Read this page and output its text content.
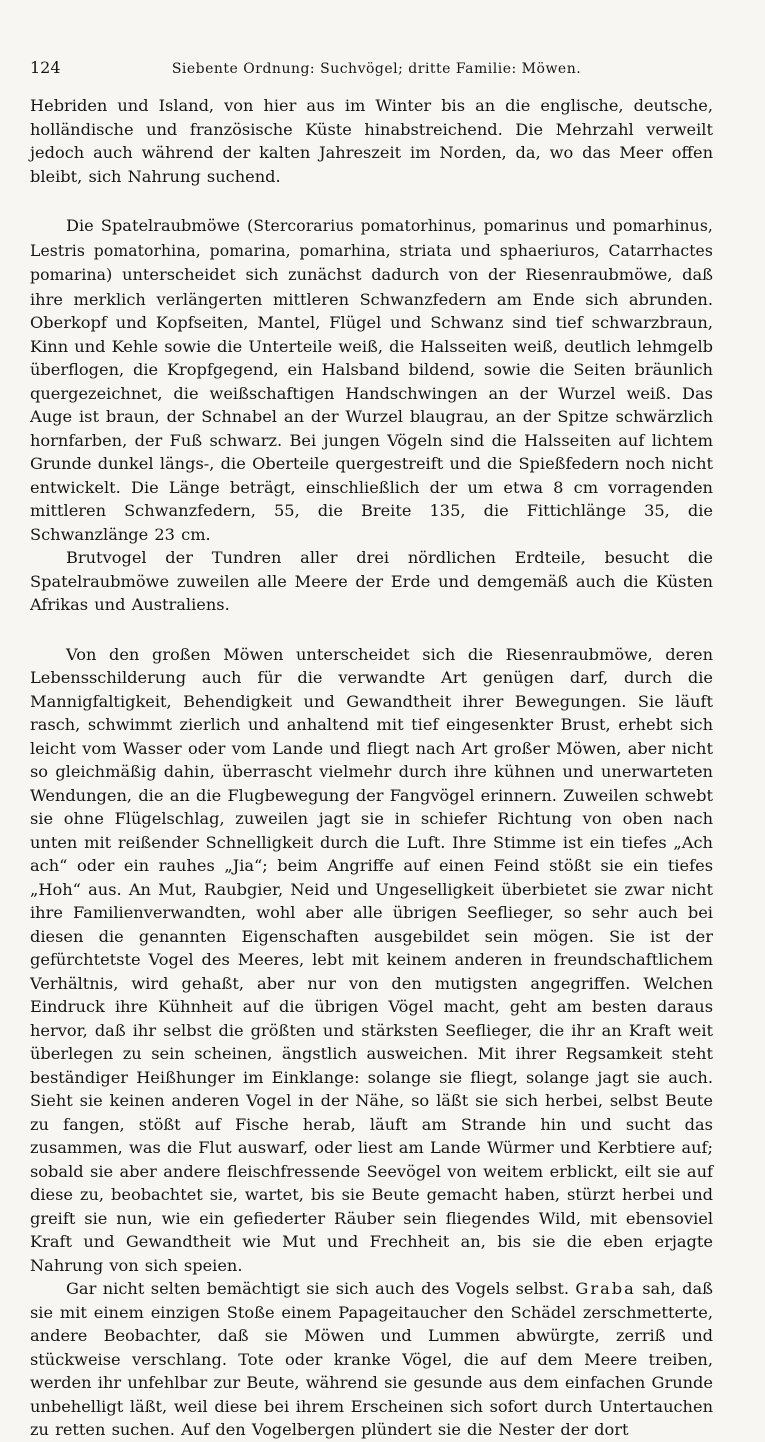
124	Siebente Ordnung: Suchvögel; dritte Familie: Möwen.

Hebriden und Island, von hier aus im Winter bis an die englische, deutsche, holländische und französische Küste hinabstreichend. Die Mehrzahl verweilt jedoch auch während der kalten Jahreszeit im Norden, da, wo das Meer offen bleibt, sich Nahrung suchend.

Die Spatelraubmöwe (Stercorarius pomatorhinus, pomarinus und pomarhinus, Lestris pomatorhina, pomarina, pomarhina, striata und sphaeriuros, Catarrhactes pomarina) unterscheidet sich zunächst dadurch von der Riesenraubmöwe, daß ihre merklich verlängerten mittleren Schwanzfedern am Ende sich abrunden. Oberkopf und Kopfseiten, Mantel, Flügel und Schwanz sind tief schwarzbraun, Kinn und Kehle sowie die Unterteile weiß, die Halsseiten weiß, deutlich lehmgelb überflogen, die Kropfgegend, ein Halsband bildend, sowie die Seiten bräunlich quergezeichnet, die weißschaftigen Handschwingen an der Wurzel weiß. Das Auge ist braun, der Schnabel an der Wurzel blaugrau, an der Spitze schwärzlich hornfarben, der Fuß schwarz. Bei jungen Vögeln sind die Halsseiten auf lichtem Grunde dunkel längs-, die Oberteile quergestreift und die Spießfedern noch nicht entwickelt. Die Länge beträgt, einschließlich der um etwa 8 cm vorragenden mittleren Schwanzfedern, 55, die Breite 135, die Fittichlänge 35, die Schwanzlänge 23 cm.

Brutvogel der Tundren aller drei nördlichen Erdteile, besucht die Spatelraubmöwe zuweilen alle Meere der Erde und demgemäß auch die Küsten Afrikas und Australiens.

Von den großen Möwen unterscheidet sich die Riesenraubmöwe, deren Lebensschilderung auch für die verwandte Art genügen darf, durch die Mannigfaltigkeit, Behendigkeit und Gewandtheit ihrer Bewegungen. Sie läuft rasch, schwimmt zierlich und anhaltend mit tief eingesenkter Brust, erhebt sich leicht vom Wasser oder vom Lande und fliegt nach Art großer Möwen, aber nicht so gleichmäßig dahin, überrascht vielmehr durch ihre kühnen und unerwarteten Wendungen, die an die Flugbewegung der Fangvögel erinnern. Zuweilen schwebt sie ohne Flügelschlag, zuweilen jagt sie in schiefer Richtung von oben nach unten mit reißender Schnelligkeit durch die Luft. Ihre Stimme ist ein tiefes „Ach ach“ oder ein rauhes „Jia“; beim Angriffe auf einen Feind stößt sie ein tiefes „Hoh“ aus. An Mut, Raubgier, Neid und Ungeselligkeit überbietet sie zwar nicht ihre Familienverwandten, wohl aber alle übrigen Seeflieger, so sehr auch bei diesen die genannten Eigenschaften ausgebildet sein mögen. Sie ist der gefürchtetste Vogel des Meeres, lebt mit keinem anderen in freundschaftlichem Verhältnis, wird gehaßt, aber nur von den mutigsten angegriffen. Welchen Eindruck ihre Kühnheit auf die übrigen Vögel macht, geht am besten daraus hervor, daß ihr selbst die größten und stärksten Seeflieger, die ihr an Kraft weit überlegen zu sein scheinen, ängstlich ausweichen. Mit ihrer Regsamkeit steht beständiger Heißhunger im Einklange: solange sie fliegt, solange jagt sie auch. Sieht sie keinen anderen Vogel in der Nähe, so läßt sie sich herbei, selbst Beute zu fangen, stößt auf Fische herab, läuft am Strande hin und sucht das zusammen, was die Flut auswarf, oder liest am Lande Würmer und Kerbtiere auf; sobald sie aber andere fleischfressende Seevögel von weitem erblickt, eilt sie auf diese zu, beobachtet sie, wartet, bis sie Beute gemacht haben, stürzt herbei und greift sie nun, wie ein gefiederter Räuber sein fliegendes Wild, mit ebensoviel Kraft und Gewandtheit wie Mut und Frechheit an, bis sie die eben erjagte Nahrung von sich speien.

Gar nicht selten bemächtigt sie sich auch des Vogels selbst. Graba sah, daß sie mit einem einzigen Stoße einem Papageitaucher den Schädel zerschmetterte, andere Beobachter, daß sie Möwen und Lummen abwürgte, zerriß und stückweise verschlang. Tote oder kranke Vögel, die auf dem Meere treiben, werden ihr unfehlbar zur Beute, während sie gesunde aus dem einfachen Grunde unbehelligt läßt, weil diese bei ihrem Erscheinen sich sofort durch Untertauchen zu retten suchen. Auf den Vogelbergen plündert sie die Nester der dort
